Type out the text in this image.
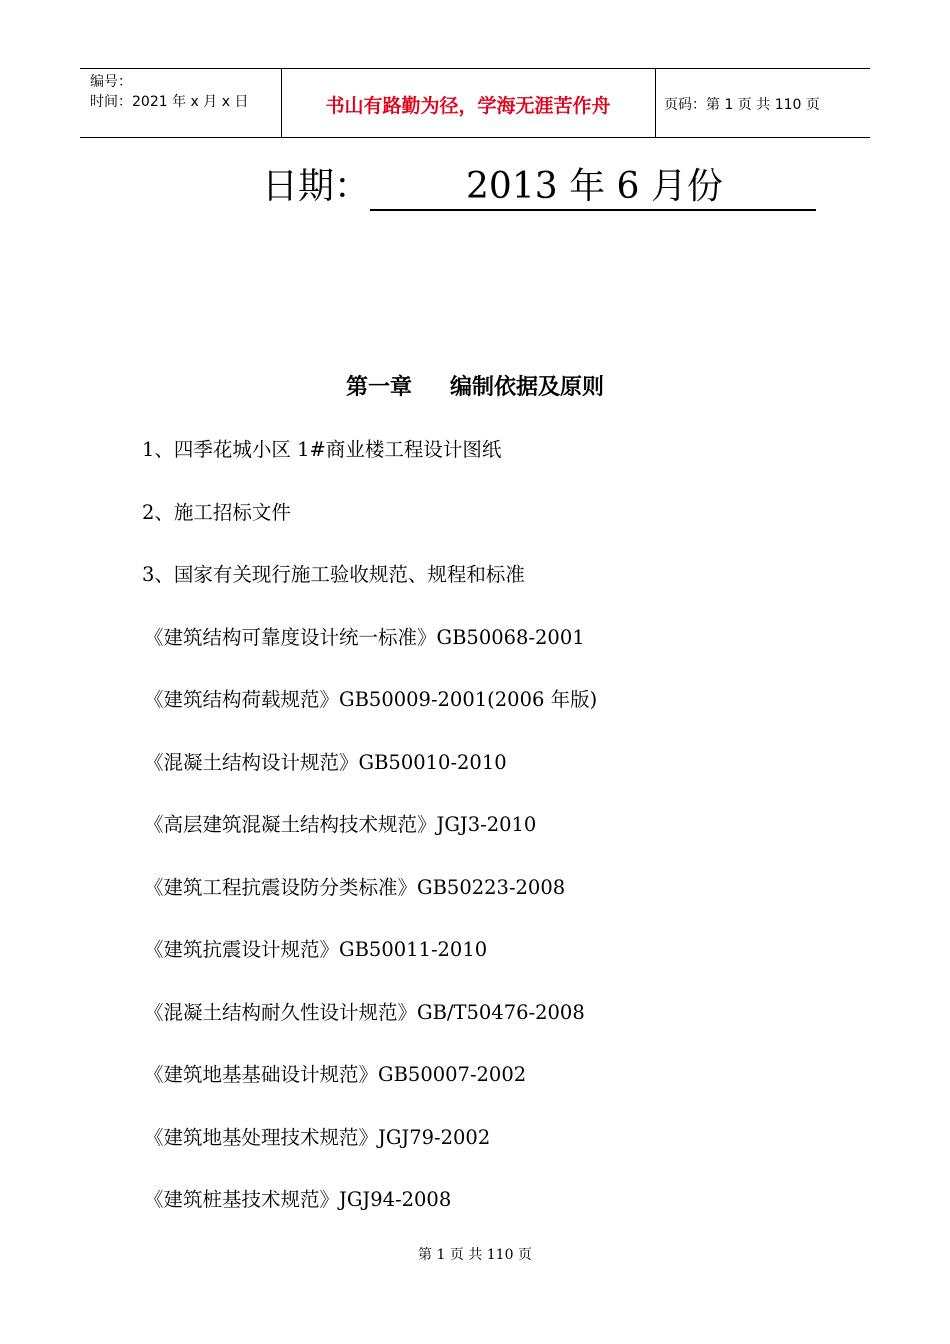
编号：
时间：2021 年 x 月 x 日	书山有路勤为径，学海无涯苦作舟	页码：第 1 页 共 110 页
日期：	2013 年 6 月份
第一章 编制依据及原则
1、四季花城小区 1#商业楼工程设计图纸
2、施工招标文件
3、国家有关现行施工验收规范、规程和标准
《建筑结构可靠度设计统一标准》GB50068-2001
《建筑结构荷载规范》GB50009-2001(2006 年版)
《混凝土结构设计规范》GB50010-2010
《高层建筑混凝土结构技术规范》JGJ3-2010
《建筑工程抗震设防分类标准》GB50223-2008
《建筑抗震设计规范》GB50011-2010
《混凝土结构耐久性设计规范》GB/T50476-2008
《建筑地基基础设计规范》GB50007-2002
《建筑地基处理技术规范》JGJ79-2002
《建筑桩基技术规范》JGJ94-2008
第 1 页 共 110 页
